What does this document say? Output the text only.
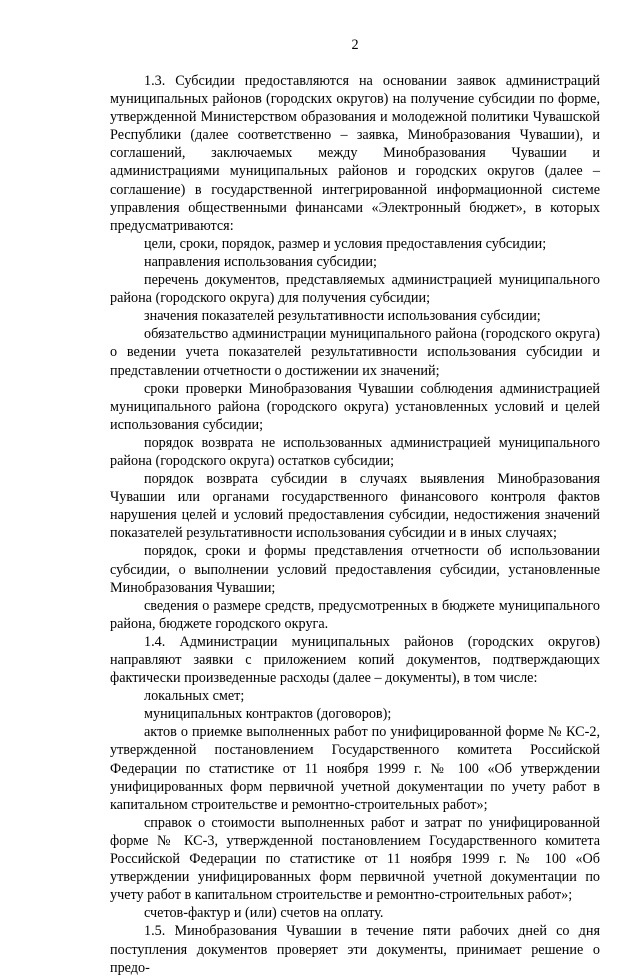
2

1.3. Субсидии предоставляются на основании заявок администраций муниципальных районов (городских округов) на получение субсидии по форме, утвержденной Министерством образования и молодежной политики Чувашской Республики (далее соответственно – заявка, Минобразования Чувашии), и соглашений, заключаемых между Минобразования Чувашии и администрациями муниципальных районов и городских округов (далее – соглашение) в государственной интегрированной информационной системе управления общественными финансами «Электронный бюджет», в которых предусматриваются:

цели, сроки, порядок, размер и условия предоставления субсидии;

направления использования субсидии;

перечень документов, представляемых администрацией муниципального района (городского округа) для получения субсидии;

значения показателей результативности использования субсидии;

обязательство администрации муниципального района (городского округа) о ведении учета показателей результативности использования субсидии и представлении отчетности о достижении их значений;

сроки проверки Минобразования Чувашии соблюдения администрацией муниципального района (городского округа) установленных условий и целей использования субсидии;

порядок возврата не использованных администрацией муниципального района (городского округа) остатков субсидии;

порядок возврата субсидии в случаях выявления Минобразования Чувашии или органами государственного финансового контроля фактов нарушения целей и условий предоставления субсидии, недостижения значений показателей результативности использования субсидии и в иных случаях;

порядок, сроки и формы представления отчетности об использовании субсидии, о выполнении условий предоставления субсидии, установленные Минобразования Чувашии;

сведения о размере средств, предусмотренных в бюджете муниципального района, бюджете городского округа.

1.4. Администрации муниципальных районов (городских округов) направляют заявки с приложением копий документов, подтверждающих фактически произведенные расходы (далее – документы), в том числе:

локальных смет;

муниципальных контрактов (договоров);

актов о приемке выполненных работ по унифицированной форме № КС-2, утвержденной постановлением Государственного комитета Российской Федерации по статистике от 11 ноября 1999 г. № 100 «Об утверждении унифицированных форм первичной учетной документации по учету работ в капитальном строительстве и ремонтно-строительных работ»;

справок о стоимости выполненных работ и затрат по унифицированной форме № КС-3, утвержденной постановлением Государственного комитета Российской Федерации по статистике от 11 ноября 1999 г. № 100 «Об утверждении унифицированных форм первичной учетной документации по учету работ в капитальном строительстве и ремонтно-строительных работ»;

счетов-фактур и (или) счетов на оплату.

1.5. Минобразования Чувашии в течение пяти рабочих дней со дня поступления документов проверяет эти документы, принимает решение о предо-
